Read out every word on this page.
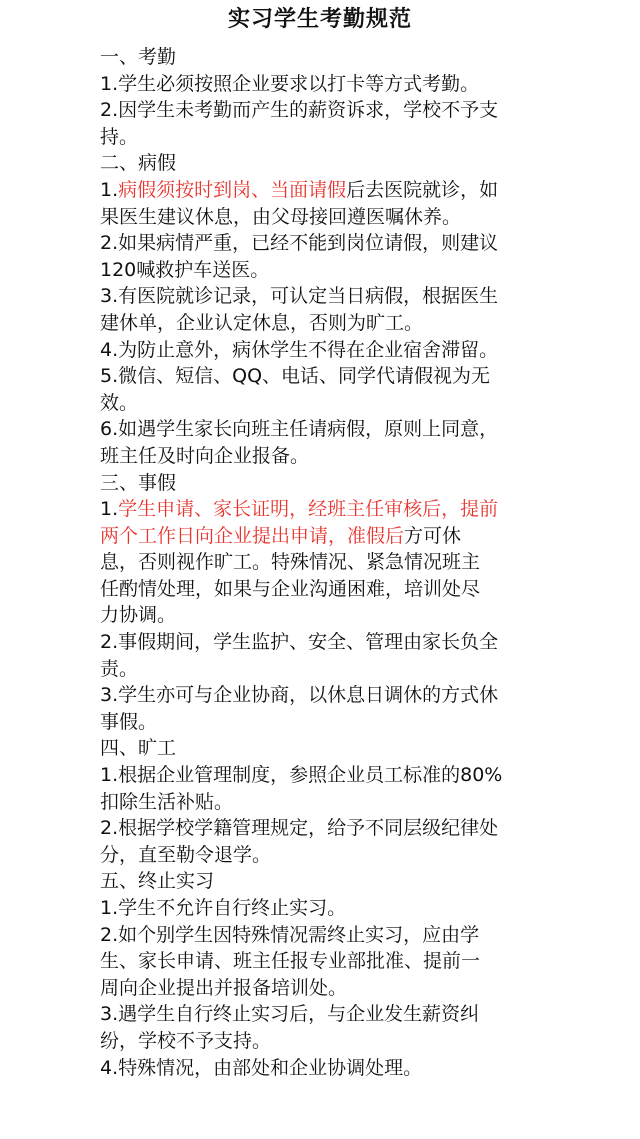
实习学生考勤规范
一、考勤
1.学生必须按照企业要求以打卡等方式考勤。
2.因学生未考勤而产生的薪资诉求，学校不予支
持。
二、病假
1.病假须按时到岗、当面请假后去医院就诊，如
果医生建议休息，由父母接回遵医嘱休养。
2.如果病情严重，已经不能到岗位请假，则建议
120喊救护车送医。
3.有医院就诊记录，可认定当日病假，根据医生
建休单，企业认定休息，否则为旷工。
4.为防止意外，病休学生不得在企业宿舍滞留。
5.微信、短信、QQ、电话、同学代请假视为无
效。
6.如遇学生家长向班主任请病假，原则上同意，
班主任及时向企业报备。
三、事假
1.学生申请、家长证明，经班主任审核后，提前
两个工作日向企业提出申请，准假后方可休
息，否则视作旷工。特殊情况、紧急情况班主
任酌情处理，如果与企业沟通困难，培训处尽
力协调。
2.事假期间，学生监护、安全、管理由家长负全
责。
3.学生亦可与企业协商，以休息日调休的方式休
事假。
四、旷工
1.根据企业管理制度，参照企业员工标准的80%
扣除生活补贴。
2.根据学校学籍管理规定，给予不同层级纪律处
分，直至勒令退学。
五、终止实习
1.学生不允许自行终止实习。
2.如个别学生因特殊情况需终止实习，应由学
生、家长申请、班主任报专业部批准、提前一
周向企业提出并报备培训处。
3.遇学生自行终止实习后，与企业发生薪资纠
纷，学校不予支持。
4.特殊情况，由部处和企业协调处理。
